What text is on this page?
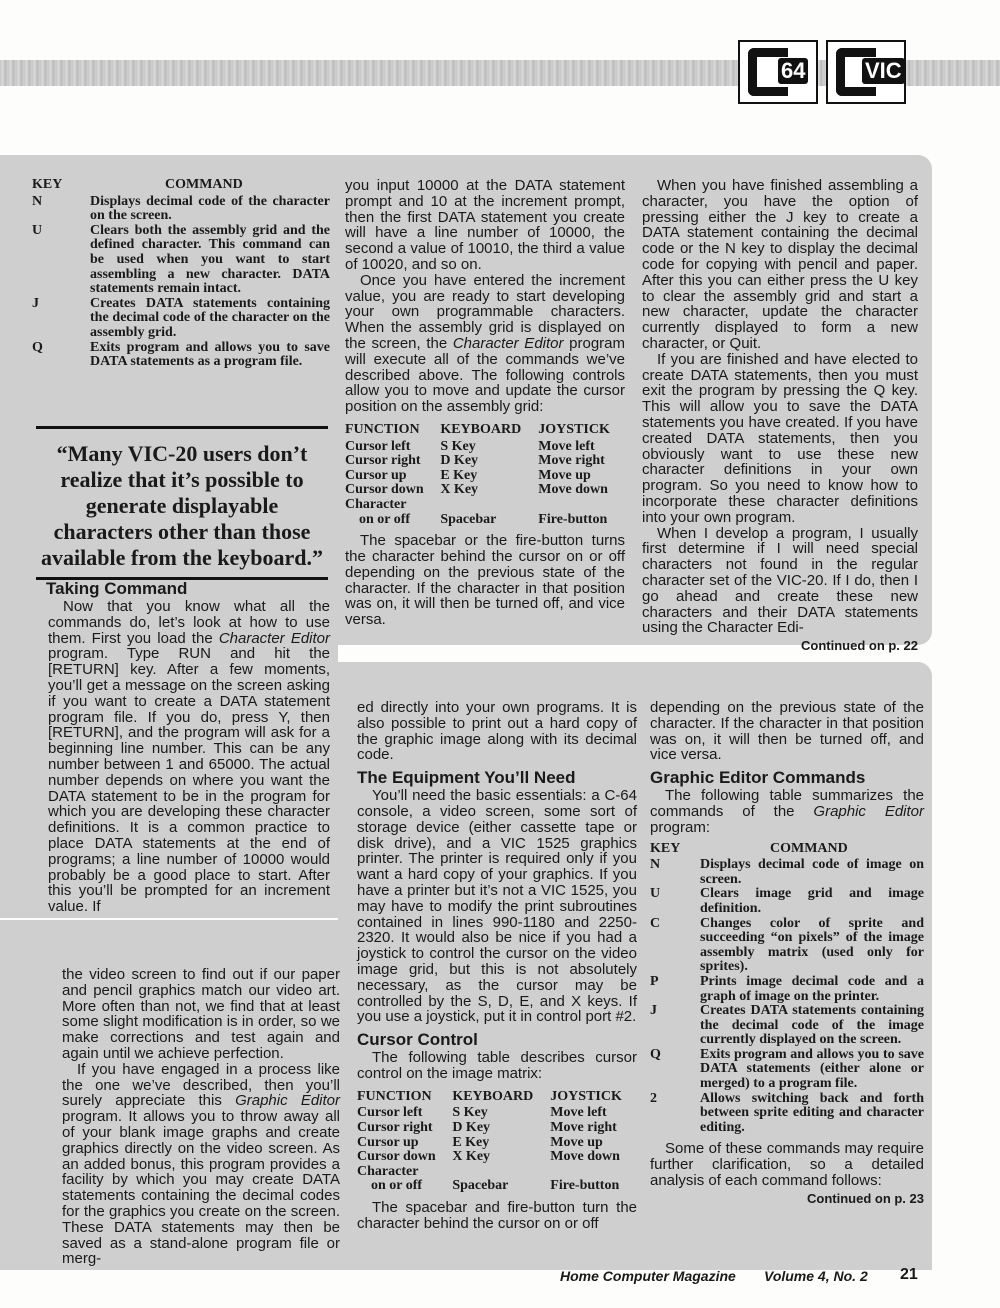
64	VIC
KEY	COMMAND
N	Displays decimal code of the character on the screen.
U	Clears both the assembly grid and the defined character. This command can be used when you want to start assembling a new character. DATA statements remain intact.
J	Creates DATA statements containing the decimal code of the character on the assembly grid.
Q	Exits program and allows you to save DATA statements as a program file.
“Many VIC-20 users don’t realize that it’s possible to generate displayable characters other than those available from the keyboard.”
Taking Command

Now that you know what all the commands do, let’s look at how to use them. First you load the Character Editor program. Type RUN and hit the [RETURN] key. After a few moments, you’ll get a message on the screen asking if you want to create a DATA statement program file. If you do, press Y, then [RETURN], and the program will ask for a beginning line number. This can be any number between 1 and 65000. The actual number depends on where you want the DATA statement to be in the program for which you are developing these character definitions. It is a common practice to place DATA statements at the end of programs; a line number of 10000 would probably be a good place to start. After this you’ll be prompted for an increment value. If

you input 10000 at the DATA statement prompt and 10 at the increment prompt, then the first DATA statement you create will have a line number of 10000, the second a value of 10010, the third a value of 10020, and so on.

Once you have entered the increment value, you are ready to start developing your own programmable characters. When the assembly grid is displayed on the screen, the Character Editor program will execute all of the commands we’ve described above. The following controls allow you to move and update the cursor position on the assembly grid:

FUNCTION	KEYBOARD	JOYSTICK
Cursor left	S Key	Move left
Cursor right	D Key	Move right
Cursor up	E Key	Move up
Cursor down	X Key	Move down
Character		
on or off	Spacebar	Fire-button

The spacebar or the fire-button turns the character behind the cursor on or off depending on the previous state of the character. If the character in that position was on, it will then be turned off, and vice versa.

When you have finished assembling a character, you have the option of pressing either the J key to create a DATA statement containing the decimal code or the N key to display the decimal code for copying with pencil and paper. After this you can either press the U key to clear the assembly grid and start a new character, update the character currently displayed to form a new character, or Quit.

If you are finished and have elected to create DATA statements, then you must exit the program by pressing the Q key. This will allow you to save the DATA statements you have created. If you have created DATA statements, then you obviously want to use these new character definitions in your own program. So you need to know how to incorporate these character definitions into your own program.

When I develop a program, I usually first determine if I will need special characters not found in the regular character set of the VIC-20. If I do, then I go ahead and create these new characters and their DATA statements using the Character Edi-

Continued on p. 22

the video screen to find out if our paper and pencil graphics match our video art. More often than not, we find that at least some slight modification is in order, so we make corrections and test again and again until we achieve perfection.

If you have engaged in a process like the one we’ve described, then you’ll surely appreciate this Graphic Editor program. It allows you to throw away all of your blank image graphs and create graphics directly on the video screen. As an added bonus, this program provides a facility by which you may create DATA statements containing the decimal codes for the graphics you create on the screen. These DATA statements may then be saved as a stand-alone program file or merg-

ed directly into your own programs. It is also possible to print out a hard copy of the graphic image along with its decimal code.

The Equipment You’ll Need

You’ll need the basic essentials: a C-64 console, a video screen, some sort of storage device (either cassette tape or disk drive), and a VIC 1525 graphics printer. The printer is required only if you want a hard copy of your graphics. If you have a printer but it’s not a VIC 1525, you may have to modify the print subroutines contained in lines 990-1180 and 2250-2320. It would also be nice if you had a joystick to control the cursor on the video image grid, but this is not absolutely necessary, as the cursor may be controlled by the S, D, E, and X keys. If you use a joystick, put it in control port #2.

Cursor Control

The following table describes cursor control on the image matrix:

FUNCTION	KEYBOARD	JOYSTICK
Cursor left	S Key	Move left
Cursor right	D Key	Move right
Cursor up	E Key	Move up
Cursor down	X Key	Move down
Character		
on or off	Spacebar	Fire-button

The spacebar and fire-button turn the character behind the cursor on or off

depending on the previous state of the character. If the character in that position was on, it will then be turned off, and vice versa.

Graphic Editor Commands

The following table summarizes the commands of the Graphic Editor program:

KEY	COMMAND
N	Displays decimal code of image on screen.
U	Clears image grid and image definition.
C	Changes color of sprite and succeeding “on pixels” of the image assembly matrix (used only for sprites).
P	Prints image decimal code and a graph of image on the printer.
J	Creates DATA statements containing the decimal code of the image currently displayed on the screen.
Q	Exits program and allows you to save DATA statements (either alone or merged) to a program file.
2	Allows switching back and forth between sprite editing and character editing.

Some of these commands may require further clarification, so a detailed analysis of each command follows:

Continued on p. 23
Home Computer Magazine Volume 4, No. 2 21
